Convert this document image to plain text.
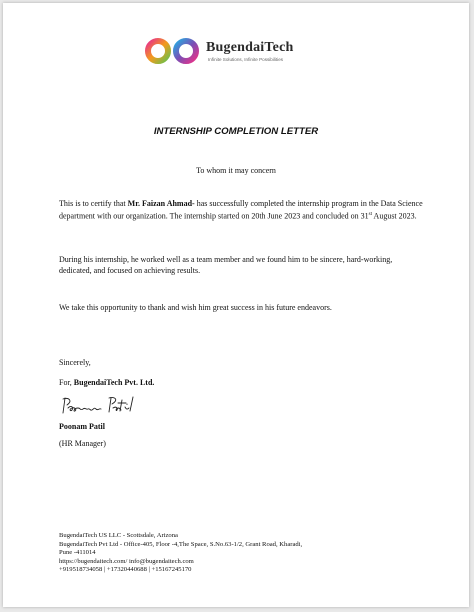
BugendaiTech
Infinite Solutions, Infinite Possibilities
INTERNSHIP COMPLETION LETTER
To whom it may concern
This is to certify that Mr. Faizan Ahmad- has successfully completed the internship program in the Data Science department with our organization. The internship started on 20th June 2023 and concluded on 31st August 2023.
During his internship, he worked well as a team member and we found him to be sincere, hard-working, dedicated, and focused on achieving results.
We take this opportunity to thank and wish him great success in his future endeavors.
Sincerely,
For, BugendaiTech Pvt. Ltd.
Poonam Patil
(HR Manager)
BugendaiTech US LLC - Scottsdale, Arizona
BugendaiTech Pvt Ltd - Office-405, Floor -4,The Space, S.No.63-1/2, Grant Road, Kharadi,
Pune -411014
https://bugendaitech.com/ info@bugendaitech.com
+919518734058 | +17320440688 | +15167245170
